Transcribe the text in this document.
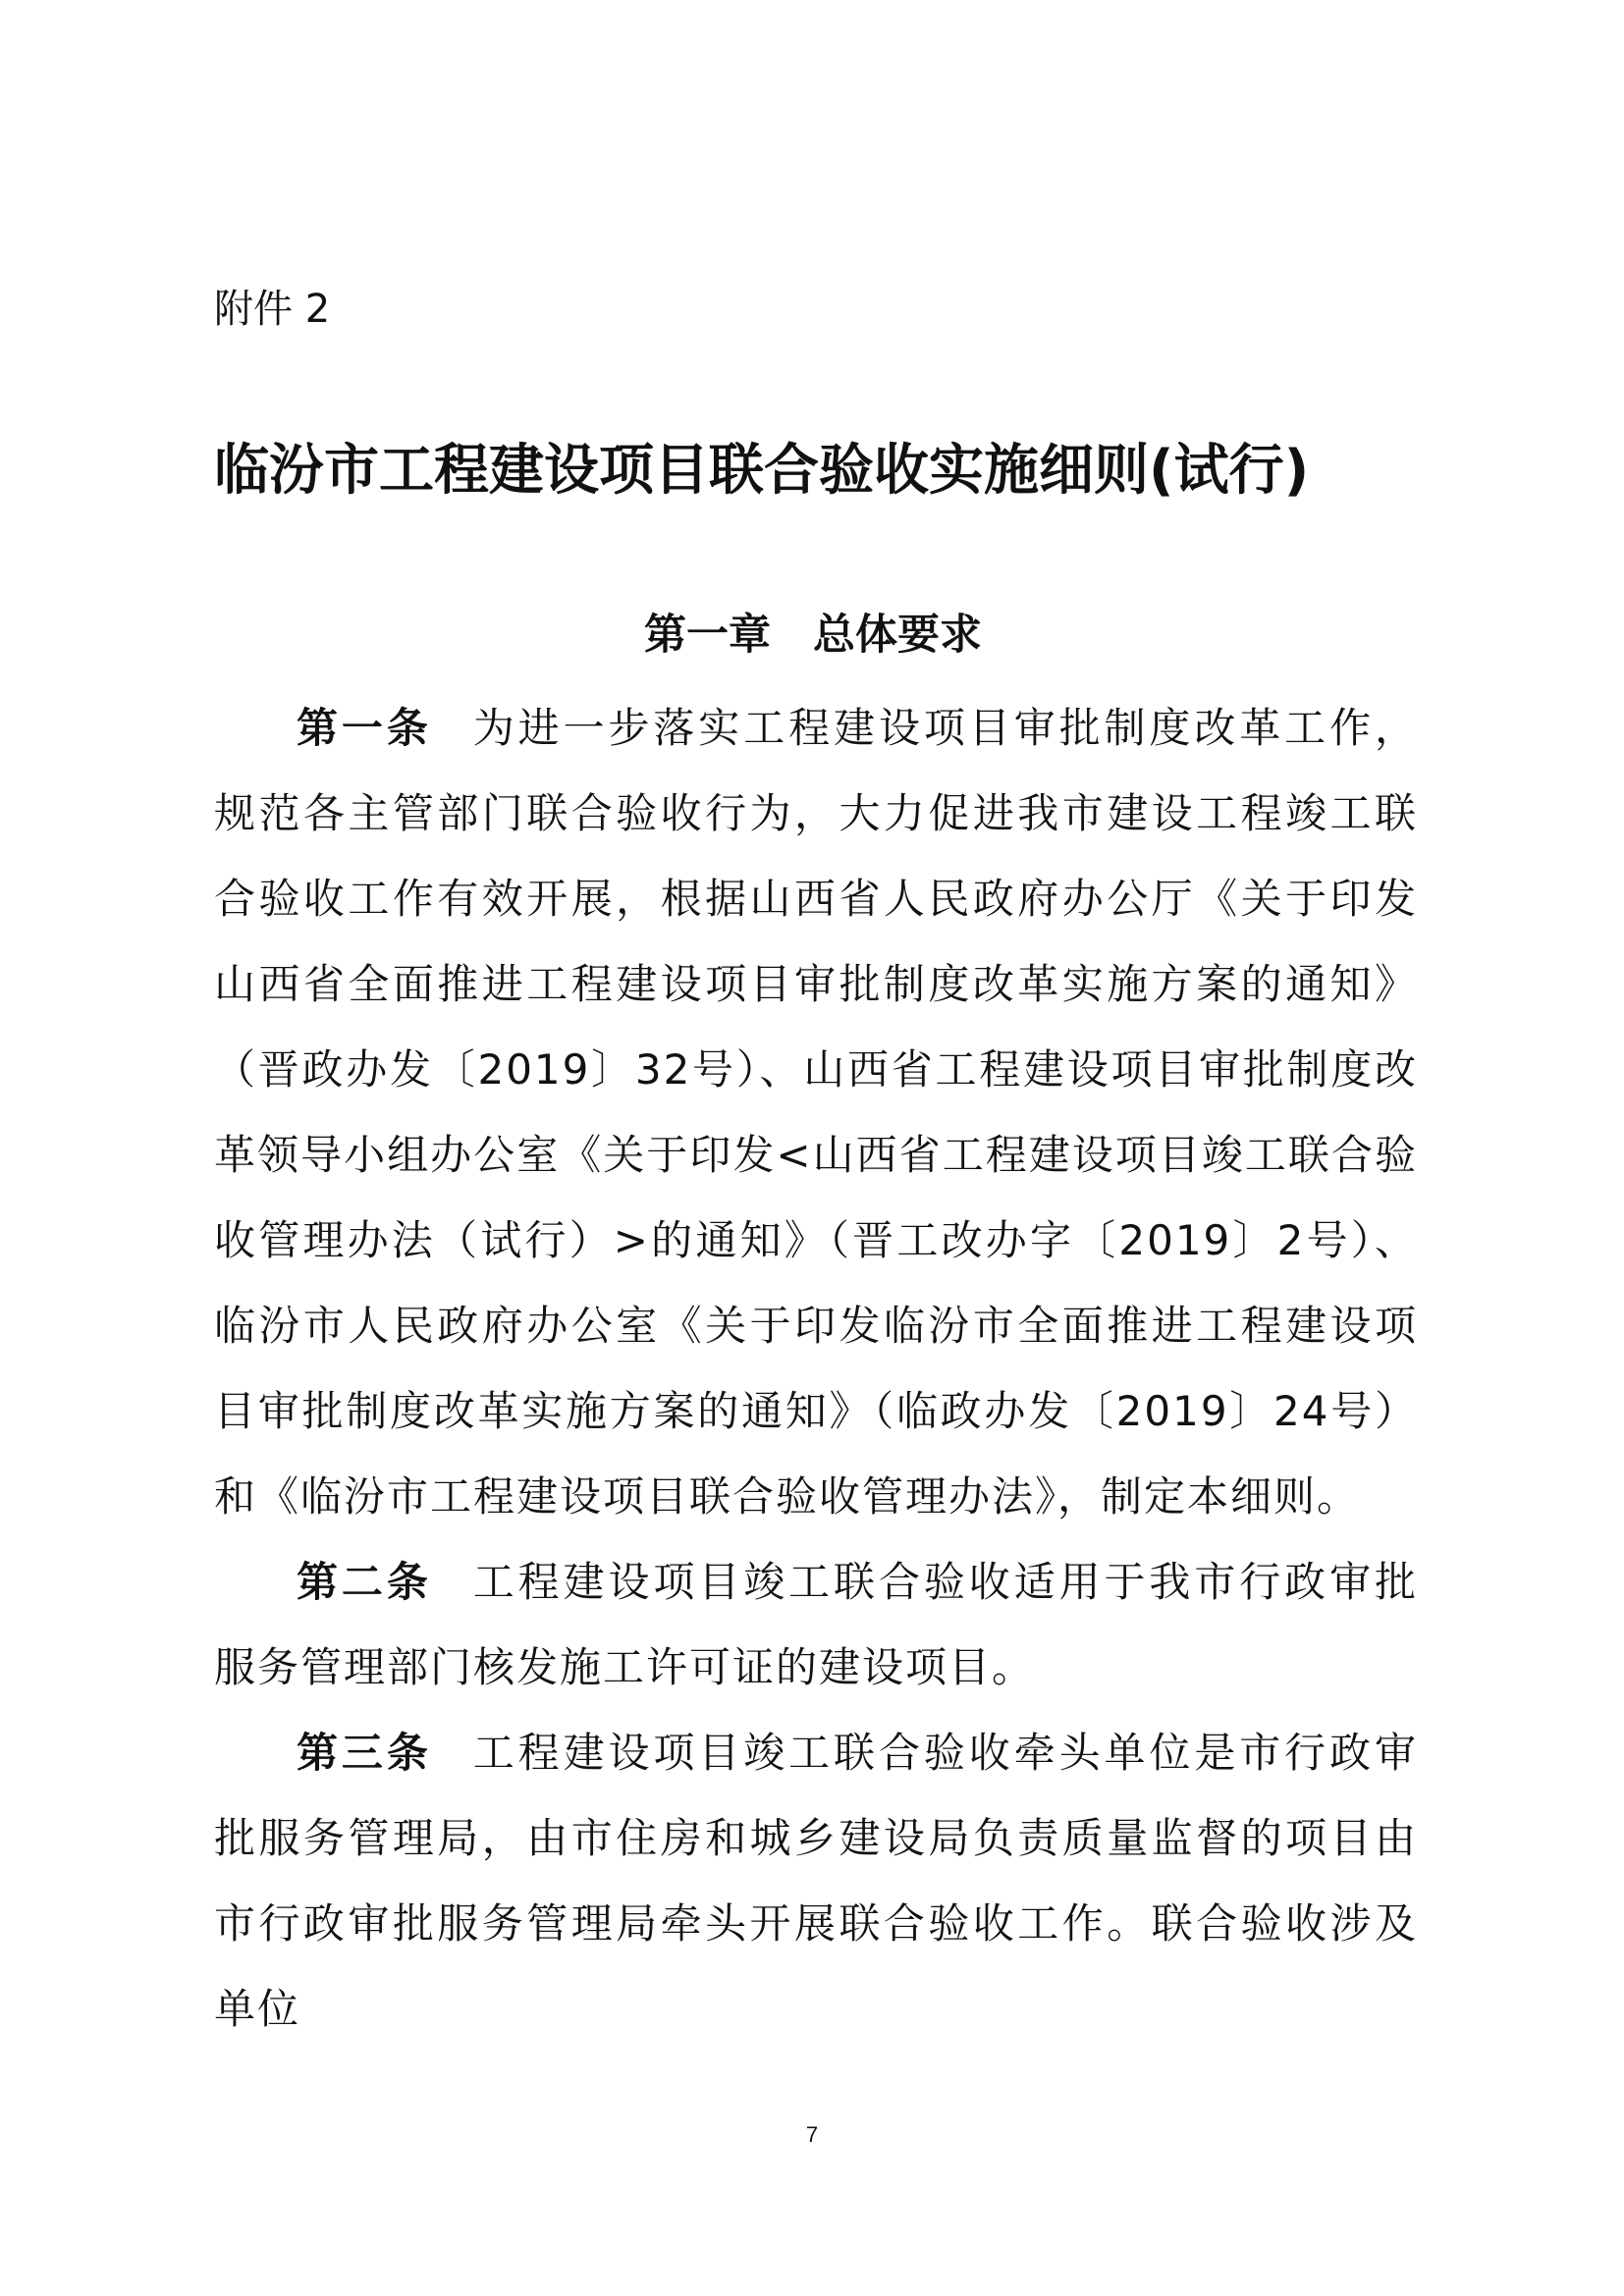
附件 2

临汾市工程建设项目联合验收实施细则(试行)
第一章　总体要求

第一条 为进一步落实工程建设项目审批制度改革工作，规范各主管部门联合验收行为，大力促进我市建设工程竣工联合验收工作有效开展，根据山西省人民政府办公厅《关于印发山西省全面推进工程建设项目审批制度改革实施方案的通知》（晋政办发〔2019〕32号）、山西省工程建设项目审批制度改革领导小组办公室《关于印发<山西省工程建设项目竣工联合验收管理办法（试行）>的通知》（晋工改办字〔2019〕2号）、临汾市人民政府办公室《关于印发临汾市全面推进工程建设项目审批制度改革实施方案的通知》（临政办发〔2019〕24号）和《临汾市工程建设项目联合验收管理办法》，制定本细则。

第二条 工程建设项目竣工联合验收适用于我市行政审批服务管理部门核发施工许可证的建设项目。

第三条 工程建设项目竣工联合验收牵头单位是市行政审批服务管理局，由市住房和城乡建设局负责质量监督的项目由市行政审批服务管理局牵头开展联合验收工作。联合验收涉及单位

7
